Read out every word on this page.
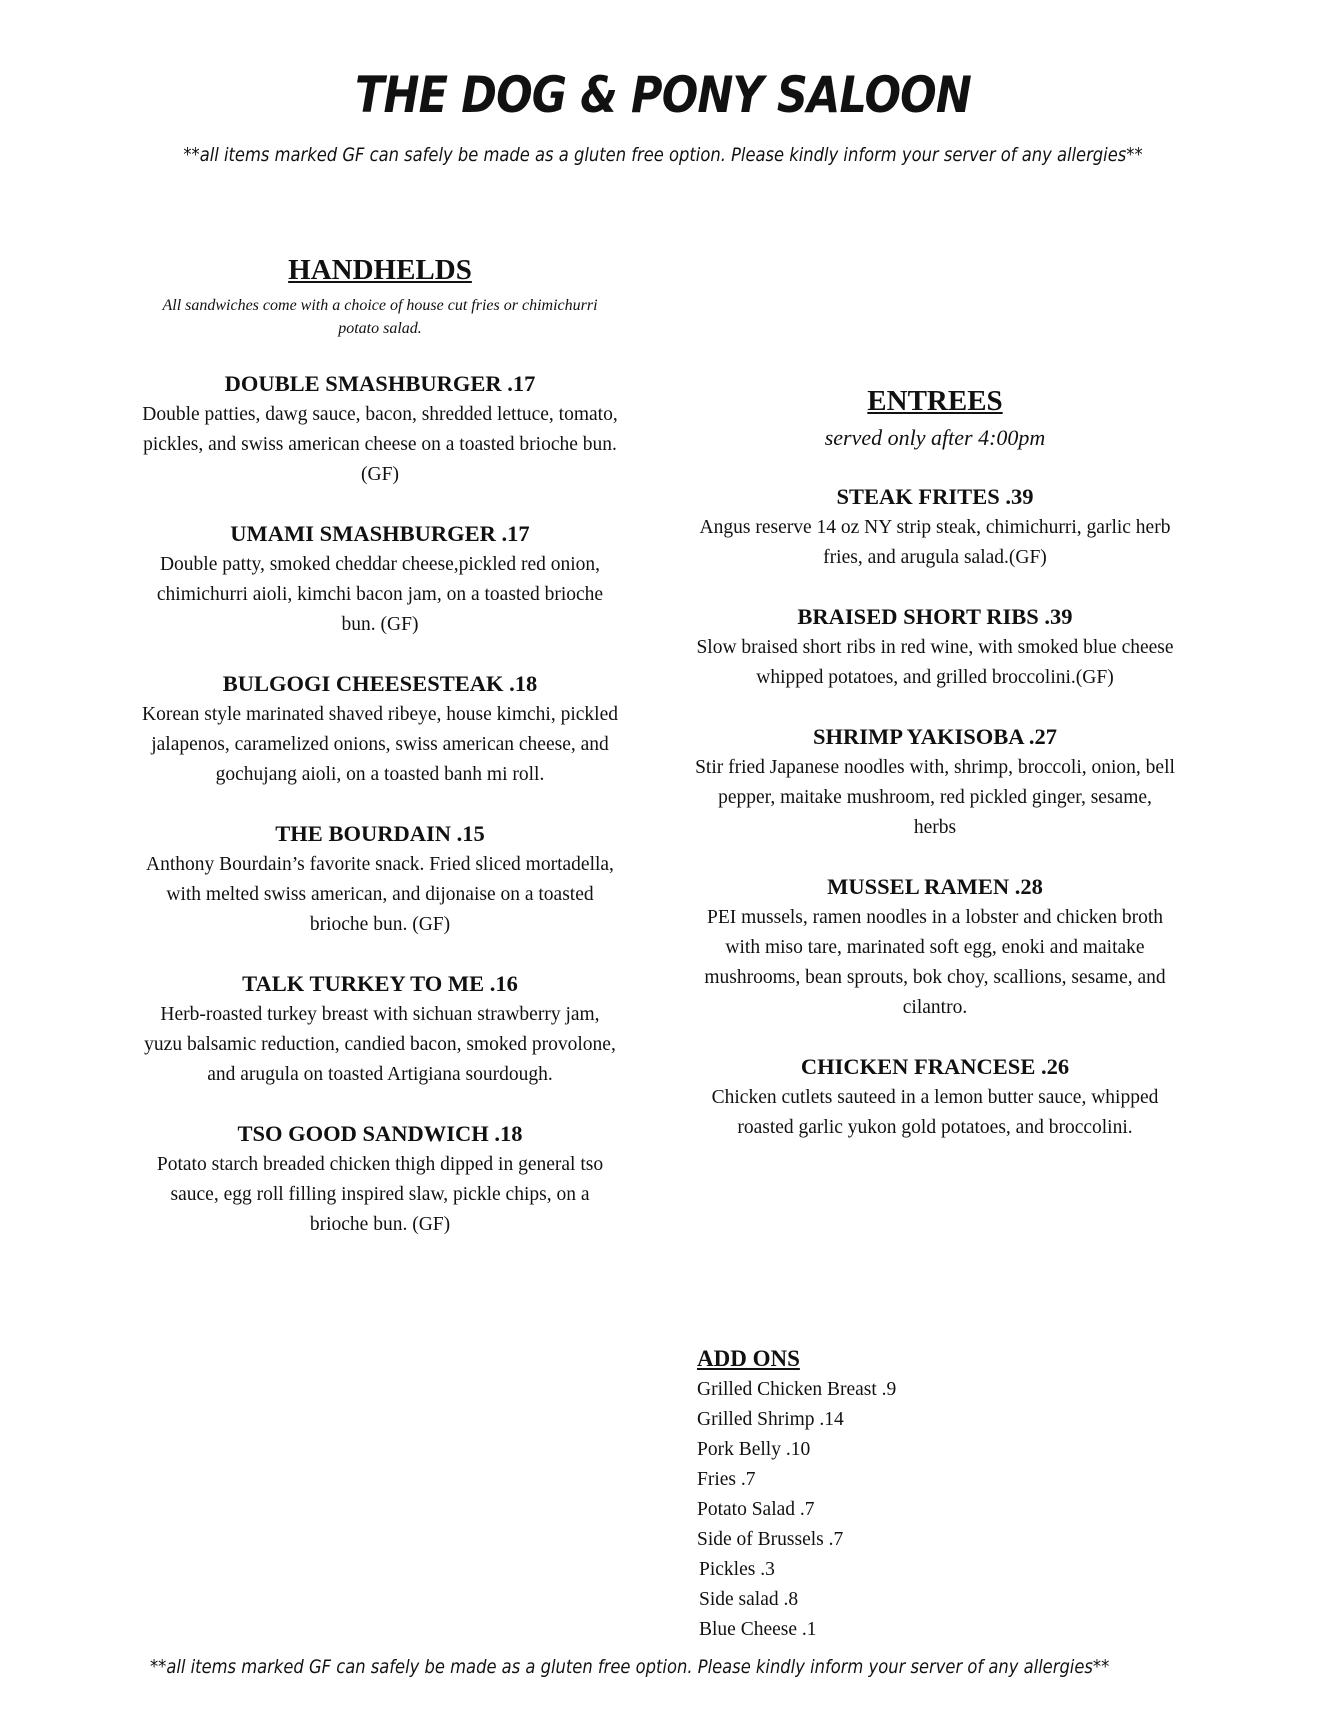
THE DOG & PONY SALOON
**all items marked GF can safely be made as a gluten free option. Please kindly inform your server of any allergies**
HANDHELDS
All sandwiches come with a choice of house cut fries or chimichurri potato salad.
DOUBLE SMASHBURGER .17
Double patties, dawg sauce, bacon, shredded lettuce, tomato, pickles, and swiss american cheese on a toasted brioche bun. (GF)
UMAMI SMASHBURGER .17
Double patty, smoked cheddar cheese,pickled red onion, chimichurri aioli, kimchi bacon jam, on a toasted brioche bun. (GF)
BULGOGI CHEESESTEAK .18
Korean style marinated shaved ribeye, house kimchi, pickled jalapenos, caramelized onions, swiss american cheese, and gochujang aioli, on a toasted banh mi roll.
THE BOURDAIN .15
Anthony Bourdain’s favorite snack. Fried sliced mortadella, with melted swiss american, and dijonaise on a toasted brioche bun. (GF)
TALK TURKEY TO ME .16
Herb-roasted turkey breast with sichuan strawberry jam, yuzu balsamic reduction, candied bacon, smoked provolone, and arugula on toasted Artigiana sourdough.
TSO GOOD SANDWICH .18
Potato starch breaded chicken thigh dipped in general tso sauce, egg roll filling inspired slaw, pickle chips, on a brioche bun. (GF)
ENTREES
served only after 4:00pm
STEAK FRITES .39
Angus reserve 14 oz NY strip steak, chimichurri, garlic herb fries, and arugula salad.(GF)
BRAISED SHORT RIBS .39
Slow braised short ribs in red wine, with smoked blue cheese whipped potatoes, and grilled broccolini.(GF)
SHRIMP YAKISOBA .27
Stir fried Japanese noodles with, shrimp, broccoli, onion, bell pepper, maitake mushroom, red pickled ginger, sesame, herbs
MUSSEL RAMEN .28
PEI mussels, ramen noodles in a lobster and chicken broth with miso tare, marinated soft egg, enoki and maitake mushrooms, bean sprouts, bok choy, scallions, sesame, and cilantro.
CHICKEN FRANCESE .26
Chicken cutlets sauteed in a lemon butter sauce, whipped roasted garlic yukon gold potatoes, and broccolini.
ADD ONS
Grilled Chicken Breast .9
Grilled Shrimp .14
Pork Belly .10
Fries .7
Potato Salad .7
Side of Brussels .7
Pickles .3
Side salad .8
Blue Cheese .1
**all items marked GF can safely be made as a gluten free option. Please kindly inform your server of any allergies**
